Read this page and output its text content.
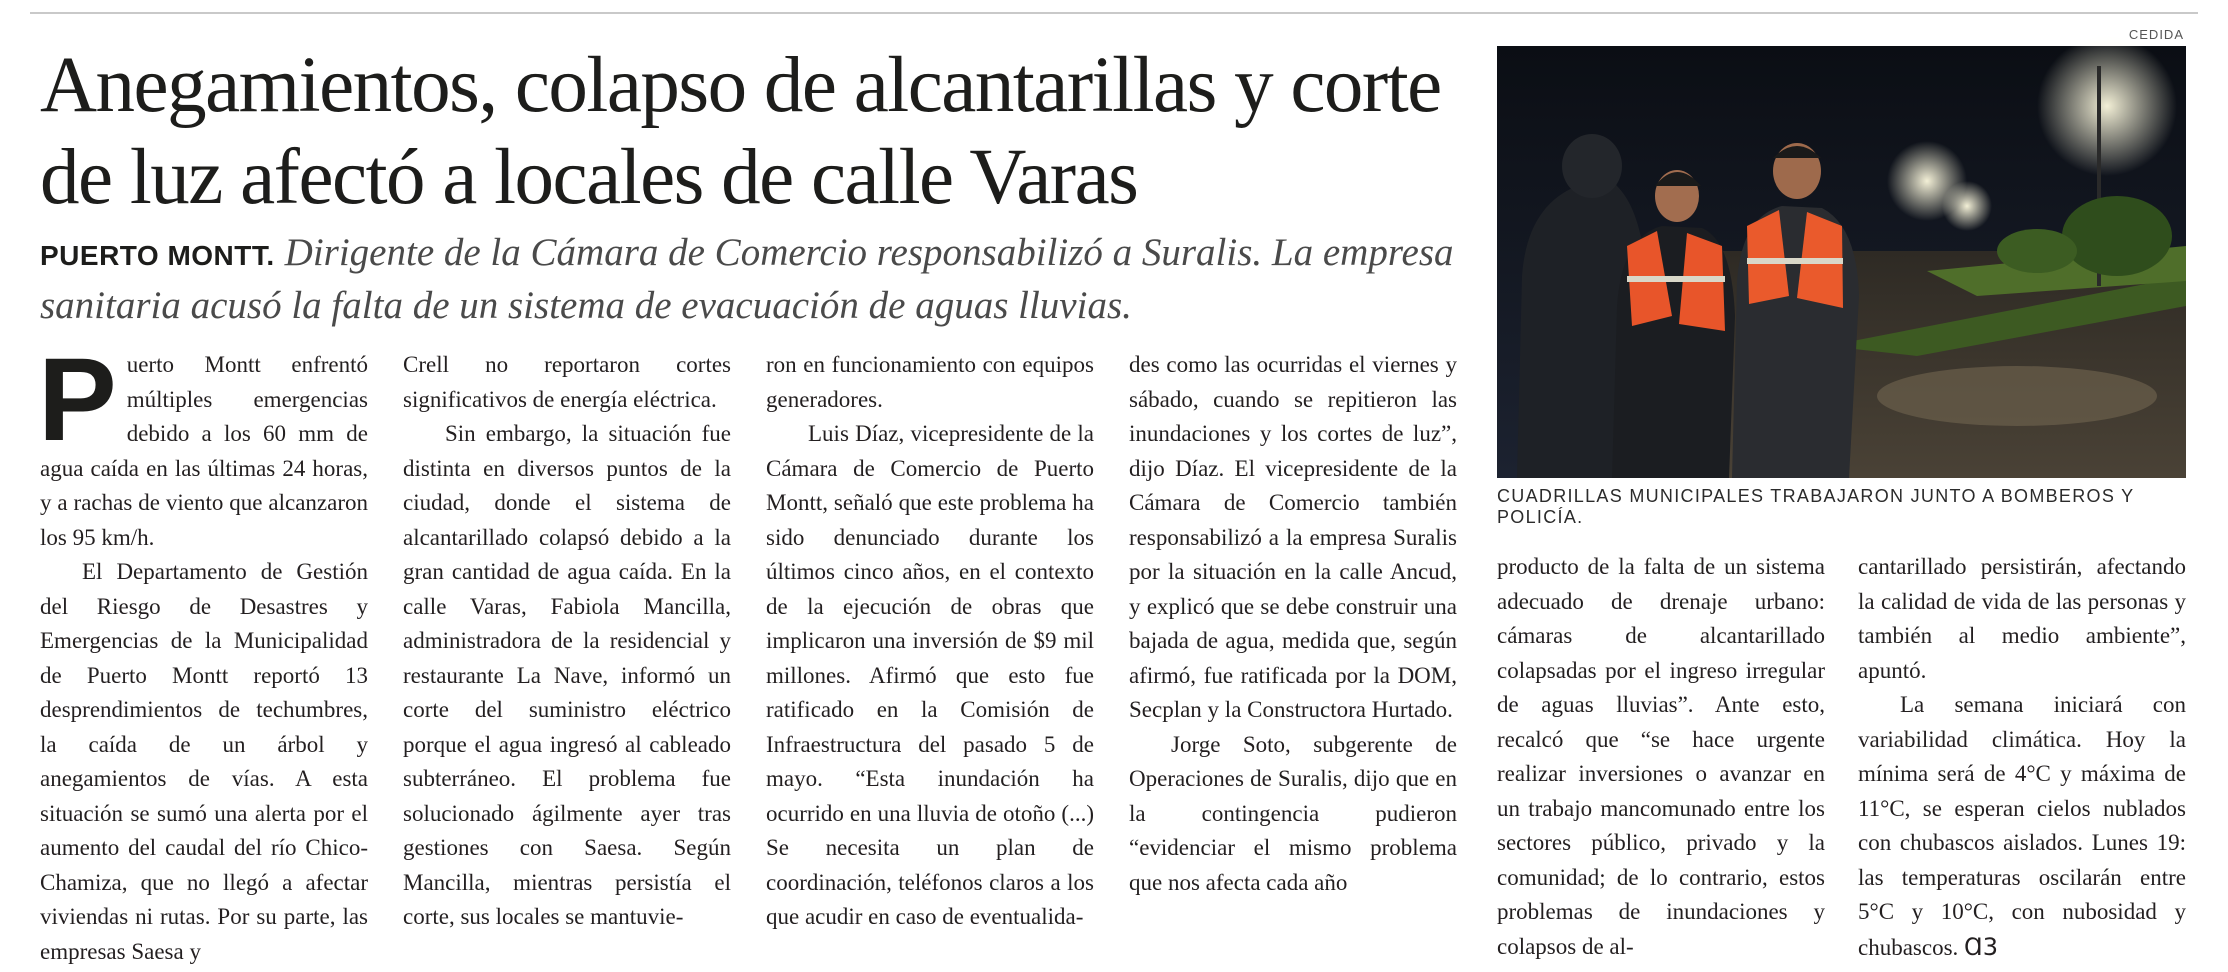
Anegamientos, colapso de alcantarillas y corte de luz afectó a locales de calle Varas

PUERTO MONTT. Dirigente de la Cámara de Comercio responsabilizó a Suralis. La empresa sanitaria acusó la falta de un sistema de evacuación de aguas lluvias.

Puerto Montt enfrentó múltiples emergencias debido a los 60 mm de agua caída en las últimas 24 horas, y a rachas de viento que alcanzaron los 95 km/h.

El Departamento de Gestión del Riesgo de Desastres y Emergencias de la Municipalidad de Puerto Montt reportó 13 desprendimientos de techumbres, la caída de un árbol y anegamientos de vías. A esta situación se sumó una alerta por el aumento del caudal del río Chico-Chamiza, que no llegó a afectar viviendas ni rutas. Por su parte, las empresas Saesa y

Crell no reportaron cortes significativos de energía eléctrica.

Sin embargo, la situación fue distinta en diversos puntos de la ciudad, donde el sistema de alcantarillado colapsó debido a la gran cantidad de agua caída. En la calle Varas, Fabiola Mancilla, administradora de la residencial y restaurante La Nave, informó un corte del suministro eléctrico porque el agua ingresó al cableado subterráneo. El problema fue solucionado ágilmente ayer tras gestiones con Saesa. Según Mancilla, mientras persistía el corte, sus locales se mantuvie-

ron en funcionamiento con equipos generadores.

Luis Díaz, vicepresidente de la Cámara de Comercio de Puerto Montt, señaló que este problema ha sido denunciado durante los últimos cinco años, en el contexto de la ejecución de obras que implicaron una inversión de $9 mil millones. Afirmó que esto fue ratificado en la Comisión de Infraestructura del pasado 5 de mayo. “Esta inundación ha ocurrido en una lluvia de otoño (...) Se necesita un plan de coordinación, teléfonos claros a los que acudir en caso de eventualida-

des como las ocurridas el viernes y sábado, cuando se repitieron las inundaciones y los cortes de luz”, dijo Díaz. El vicepresidente de la Cámara de Comercio también responsabilizó a la empresa Suralis por la situación en la calle Ancud, y explicó que se debe construir una bajada de agua, medida que, según afirmó, fue ratificada por la DOM, Secplan y la Constructora Hurtado.

Jorge Soto, subgerente de Operaciones de Suralis, dijo que en la contingencia pudieron “evidenciar el mismo problema que nos afecta cada año

CEDIDA
CUADRILLAS MUNICIPALES TRABAJARON JUNTO A BOMBEROS Y POLICÍA.

producto de la falta de un sistema adecuado de drenaje urbano: cámaras de alcantarillado colapsadas por el ingreso irregular de aguas lluvias”. Ante esto, recalcó que “se hace urgente realizar inversiones o avanzar en un trabajo mancomunado entre los sectores público, privado y la comunidad; de lo contrario, estos problemas de inundaciones y colapsos de al-

cantarillado persistirán, afectando la calidad de vida de las personas y también al medio ambiente”, apuntó.

La semana iniciará con variabilidad climática. Hoy la mínima será de 4°C y máxima de 11°C, se esperan cielos nublados con chubascos aislados. Lunes 19: las temperaturas oscilarán entre 5°C y 10°C, con nubosidad y chubascos. Ɑ3
